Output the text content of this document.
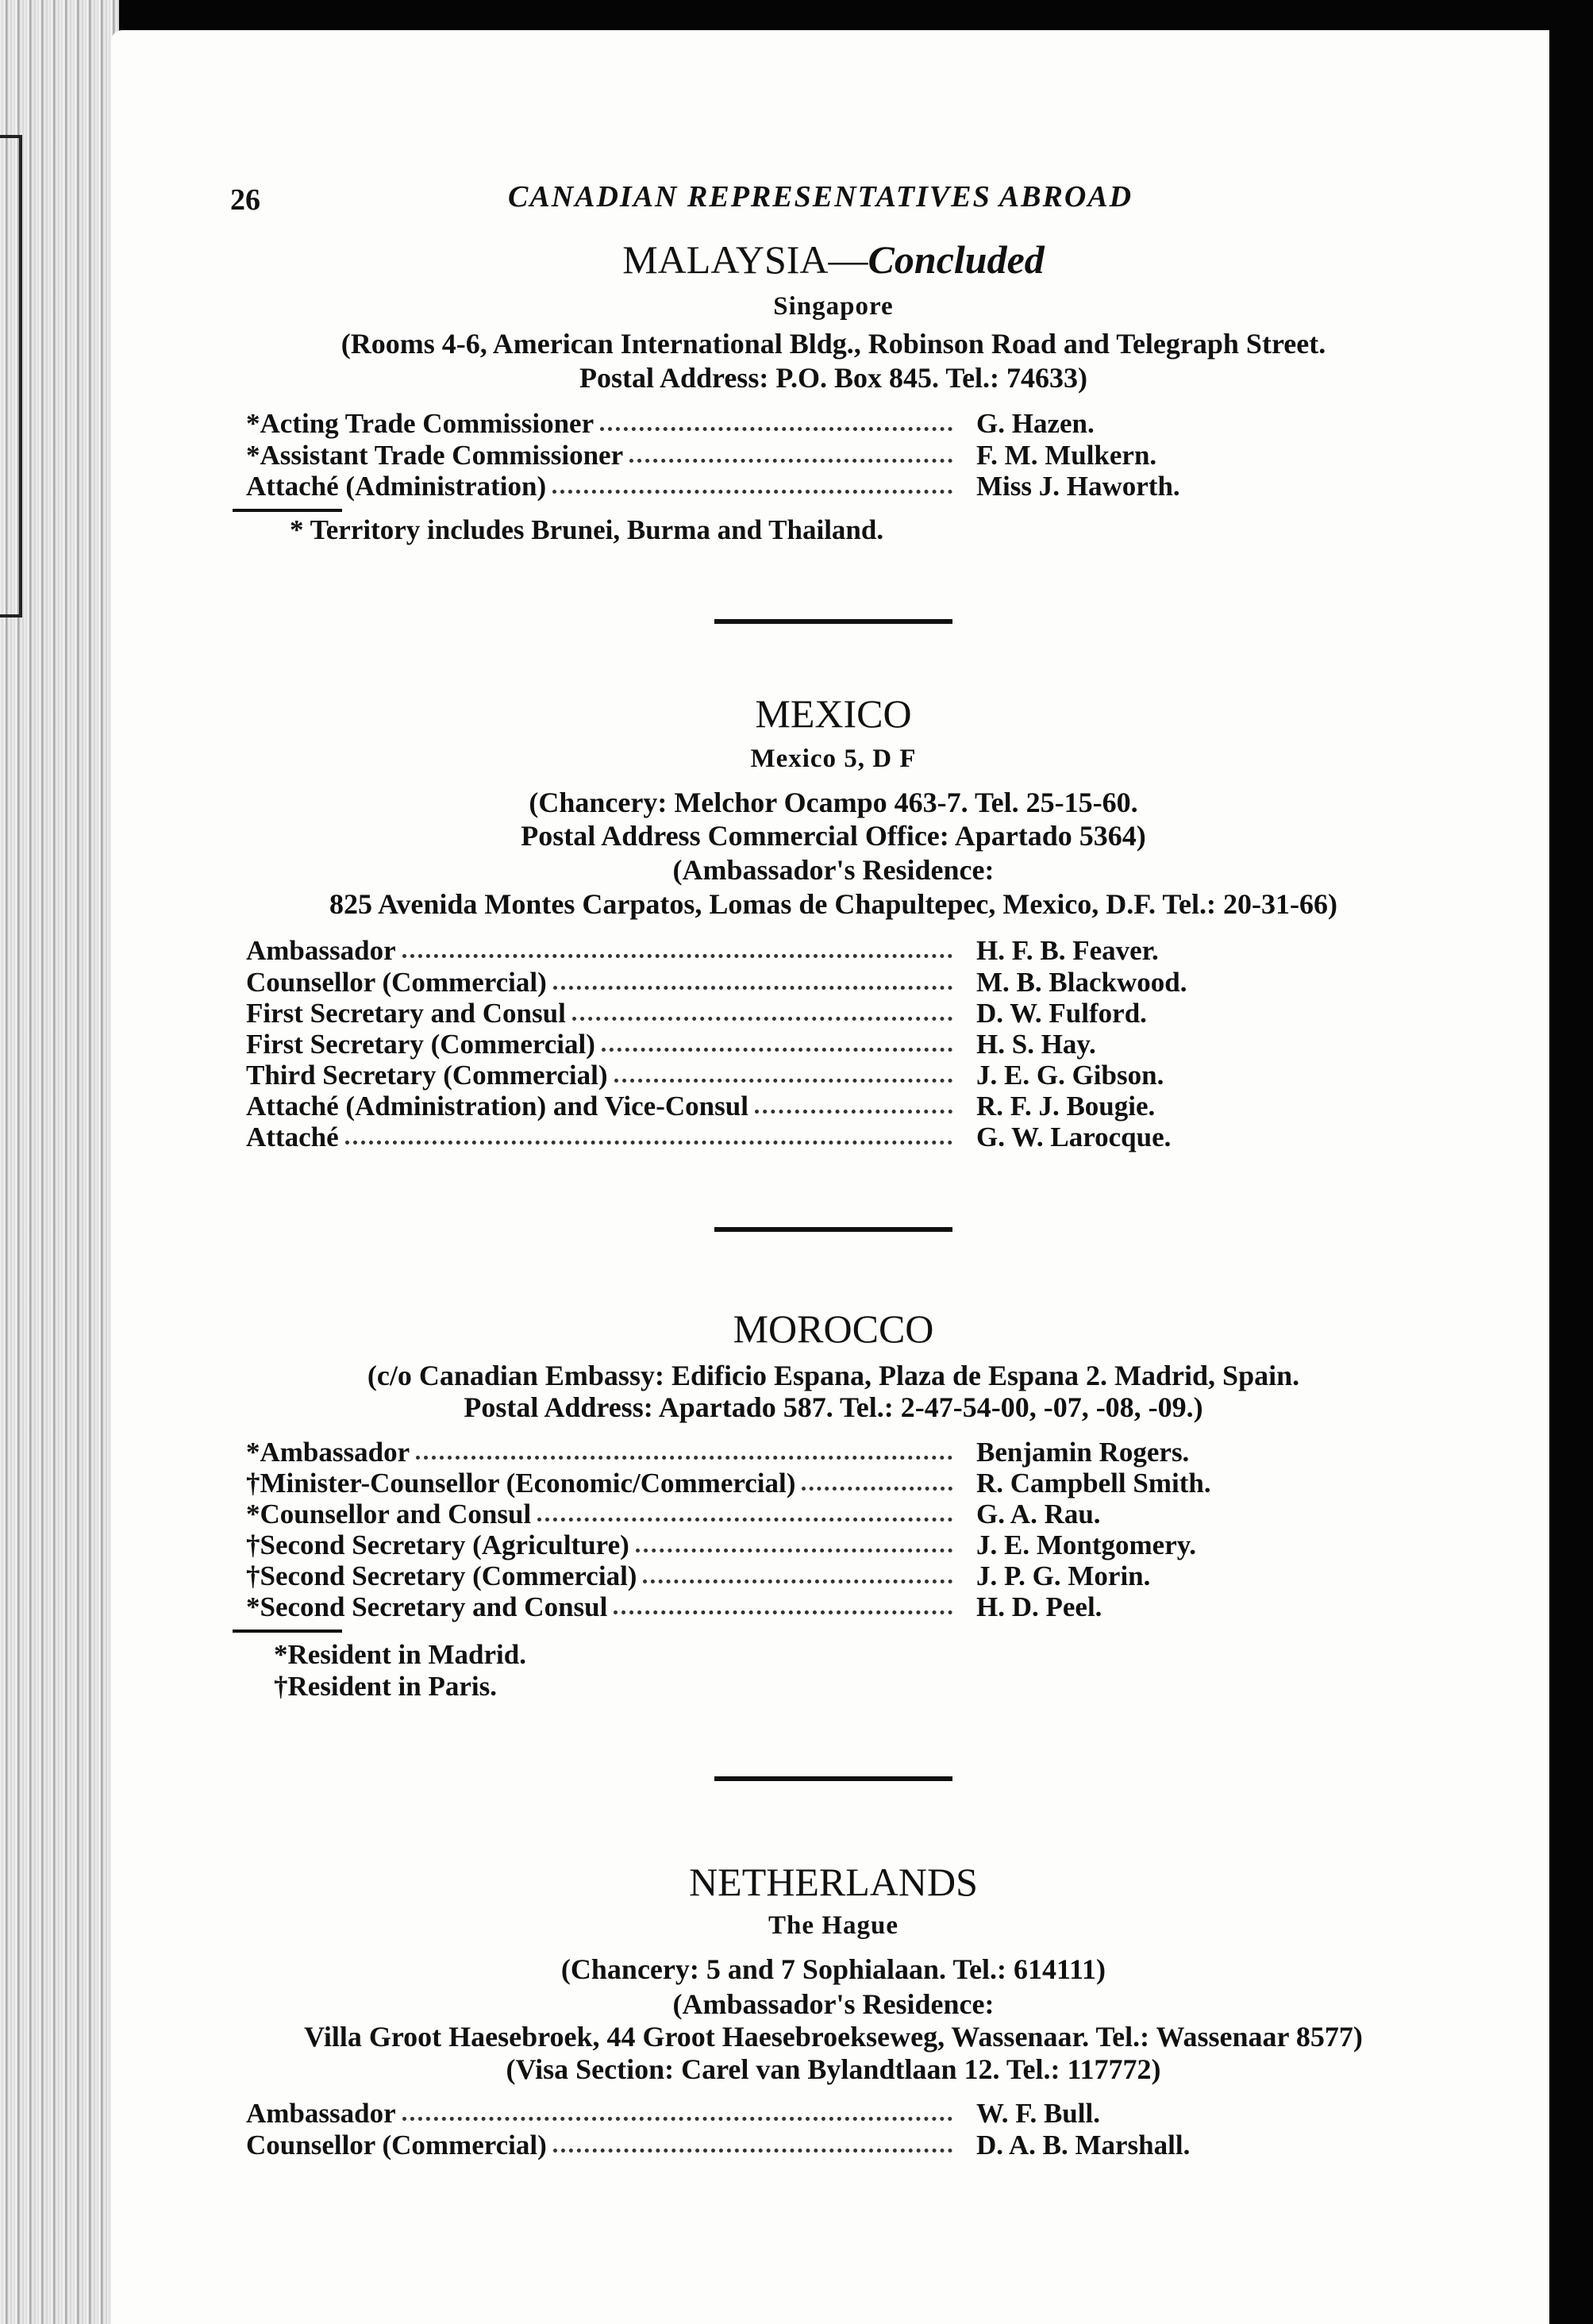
26	CANADIAN REPRESENTATIVES ABROAD
MALAYSIA—Concluded
Singapore
(Rooms 4-6, American International Bldg., Robinson Road and Telegraph Street.
Postal Address: P.O. Box 845. Tel.: 74633)
*Acting Trade Commissioner	G. Hazen.
*Assistant Trade Commissioner	F. M. Mulkern.
Attaché (Administration)	Miss J. Haworth.
* Territory includes Brunei, Burma and Thailand.
MEXICO
Mexico 5, D F
(Chancery: Melchor Ocampo 463-7. Tel. 25-15-60.
Postal Address Commercial Office: Apartado 5364)
(Ambassador's Residence:
825 Avenida Montes Carpatos, Lomas de Chapultepec, Mexico, D.F. Tel.: 20-31-66)
Ambassador	H. F. B. Feaver.
Counsellor (Commercial)	M. B. Blackwood.
First Secretary and Consul	D. W. Fulford.
First Secretary (Commercial)	H. S. Hay.
Third Secretary (Commercial)	J. E. G. Gibson.
Attaché (Administration) and Vice-Consul	R. F. J. Bougie.
Attaché	G. W. Larocque.
MOROCCO
(c/o Canadian Embassy: Edificio Espana, Plaza de Espana 2. Madrid, Spain.
Postal Address: Apartado 587. Tel.: 2-47-54-00, -07, -08, -09.)
*Ambassador	Benjamin Rogers.
†Minister-Counsellor (Economic/Commercial)	R. Campbell Smith.
*Counsellor and Consul	G. A. Rau.
†Second Secretary (Agriculture)	J. E. Montgomery.
†Second Secretary (Commercial)	J. P. G. Morin.
*Second Secretary and Consul	H. D. Peel.
*Resident in Madrid.
†Resident in Paris.
NETHERLANDS
The Hague
(Chancery: 5 and 7 Sophialaan. Tel.: 614111)
(Ambassador's Residence:
Villa Groot Haesebroek, 44 Groot Haesebroekseweg, Wassenaar. Tel.: Wassenaar 8577)
(Visa Section: Carel van Bylandtlaan 12. Tel.: 117772)
Ambassador	W. F. Bull.
Counsellor (Commercial)	D. A. B. Marshall.
